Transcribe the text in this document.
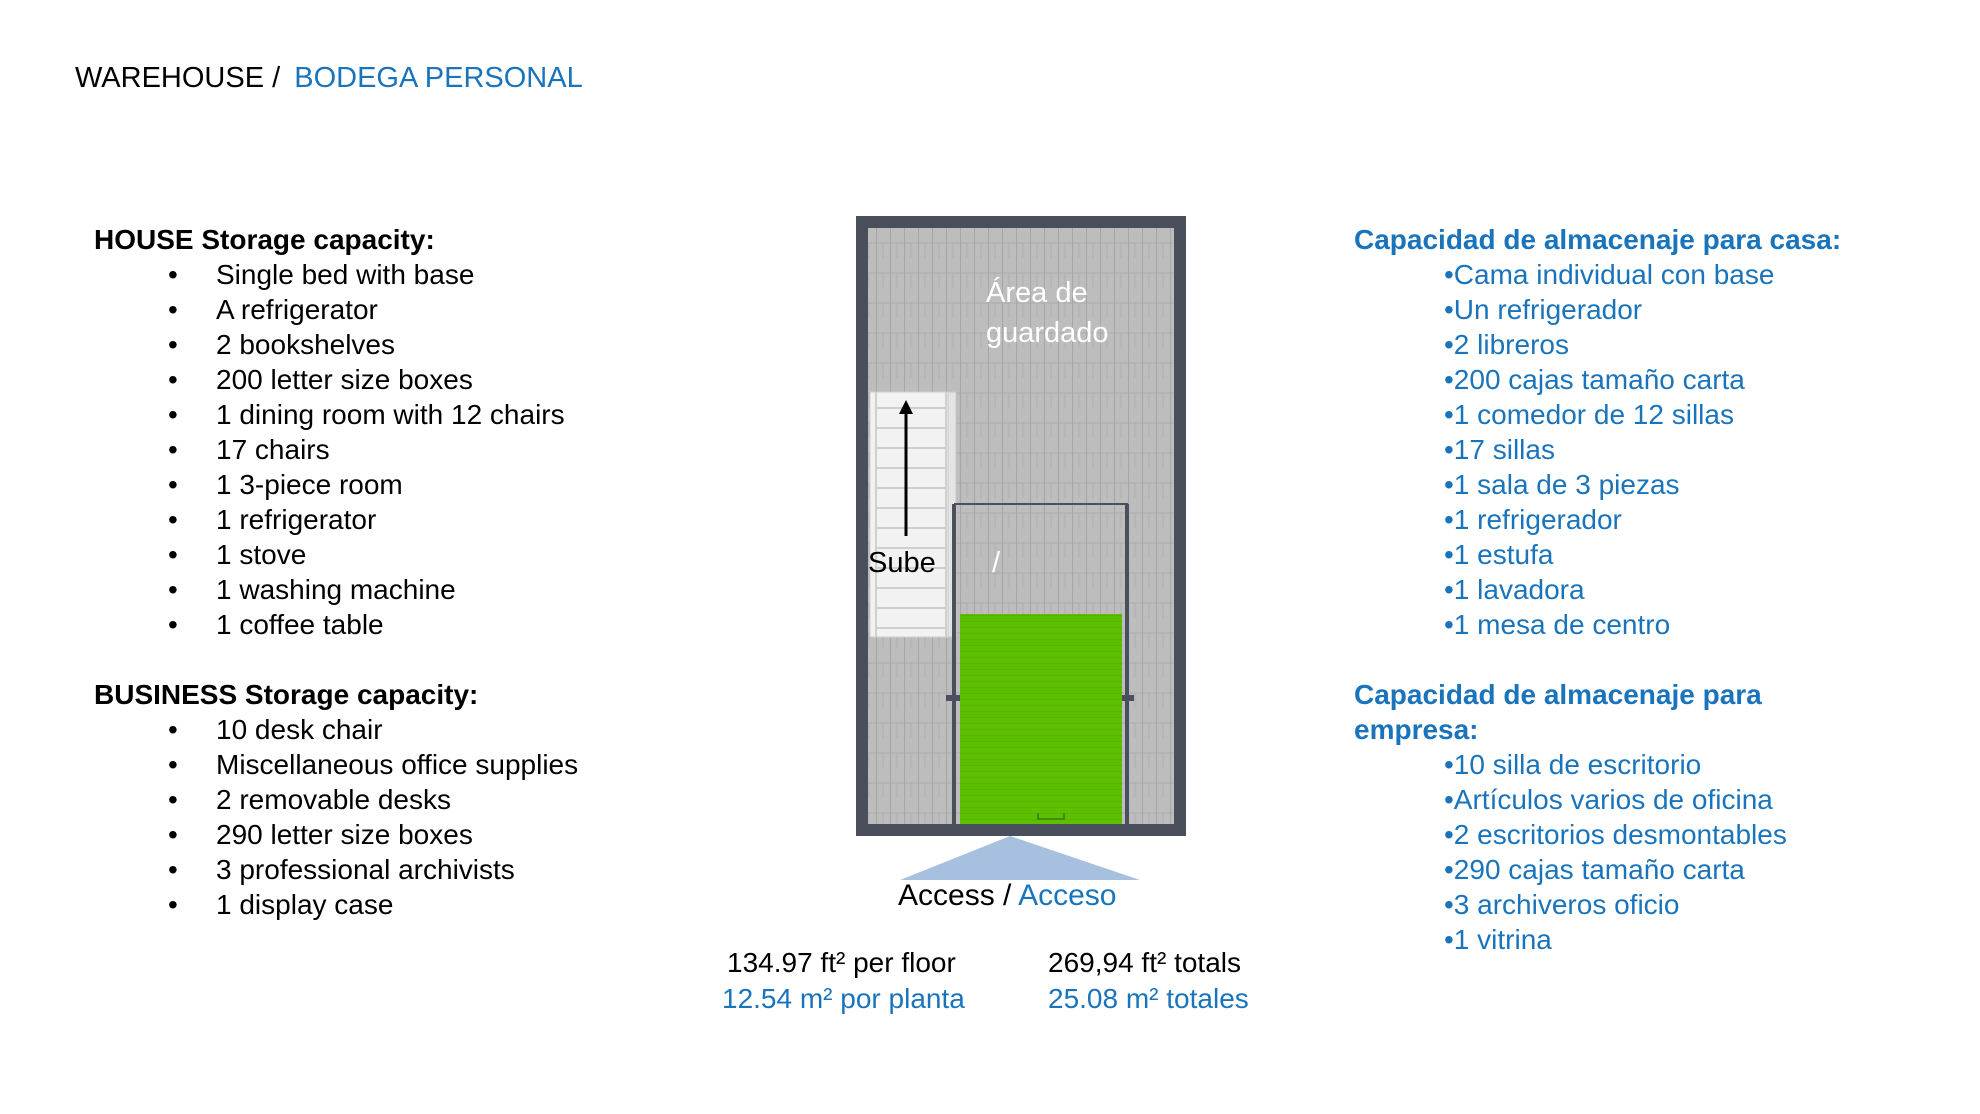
WAREHOUSE / BODEGA PERSONAL
HOUSE Storage capacity:
• Single bed with base
• A refrigerator
• 2 bookshelves
• 200 letter size boxes
• 1 dining room with 12 chairs
• 17 chairs
• 1 3-piece room
• 1 refrigerator
• 1 stove
• 1 washing machine
• 1 coffee table
BUSINESS Storage capacity:
• 10 desk chair
• Miscellaneous office supplies
• 2 removable desks
• 290 letter size boxes
• 3 professional archivists
• 1 display case
Capacidad de almacenaje para casa:
•Cama individual con base
•Un refrigerador
•2 libreros
•200 cajas tamaño carta
•1 comedor de 12 sillas
•17 sillas
•1 sala de 3 piezas
•1 refrigerador
•1 estufa
•1 lavadora
•1 mesa de centro
Capacidad de almacenaje para
empresa:
•10 silla de escritorio
•Artículos varios de oficina
•2 escritorios desmontables
•290 cajas tamaño carta
•3 archiveros oficio
•1 vitrina
Área de
guardado
Sube /
Access / Acceso
134.97 ft² per floor
12.54 m² por planta
269,94 ft² totals
25.08 m² totales
